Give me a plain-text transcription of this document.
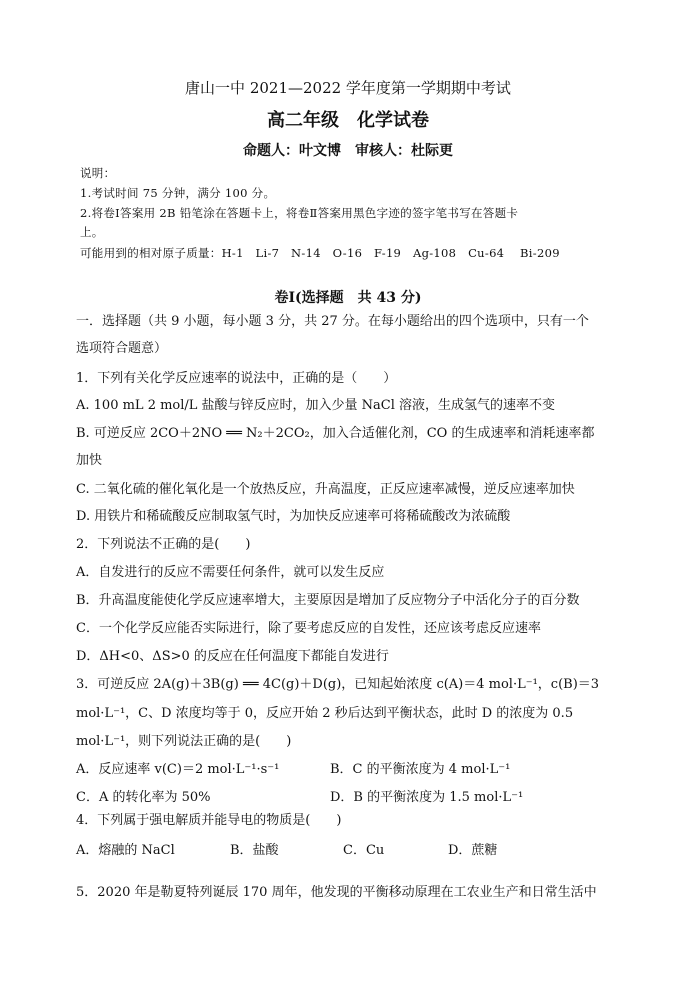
唐山一中 2021—2022 学年度第一学期期中考试
高二年级　化学试卷
命题人：叶文博　审核人：杜际更
说明：
1.考试时间 75 分钟，满分 100 分。
2.将卷Ⅰ答案用 2B 铅笔涂在答题卡上，将卷Ⅱ答案用黑色字迹的签字笔书写在答题卡
上。
可能用到的相对原子质量：H-1　Li-7　N-14　O-16　F-19　Ag-108　Cu-64　 Bi-209
卷Ⅰ(选择题　共 43 分)
一．选择题（共 9 小题，每小题 3 分，共 27 分。在每小题给出的四个选项中，只有一个
选项符合题意）
1．下列有关化学反应速率的说法中，正确的是（　　）
A. 100 mL 2 mol/L 盐酸与锌反应时，加入少量 NaCl 溶液，生成氢气的速率不变
B. 可逆反应 2CO＋2NO ══ N₂＋2CO₂，加入合适催化剂，CO 的生成速率和消耗速率都
加快
C. 二氧化硫的催化氧化是一个放热反应，升高温度，正反应速率减慢，逆反应速率加快
D. 用铁片和稀硫酸反应制取氢气时，为加快反应速率可将稀硫酸改为浓硫酸
2．下列说法不正确的是(　　)
A．自发进行的反应不需要任何条件，就可以发生反应
B．升高温度能使化学反应速率增大，主要原因是增加了反应物分子中活化分子的百分数
C．一个化学反应能否实际进行，除了要考虑反应的自发性，还应该考虑反应速率
D．ΔH<0、ΔS>0 的反应在任何温度下都能自发进行
3．可逆反应 2A(g)＋3B(g) ══ 4C(g)＋D(g)，已知起始浓度 c(A)＝4 mol·L⁻¹，c(B)＝3
mol·L⁻¹，C、D 浓度均等于 0，反应开始 2 秒后达到平衡状态，此时 D 的浓度为 0.5
mol·L⁻¹，则下列说法正确的是(　　)
A．反应速率 v(C)＝2 mol·L⁻¹·s⁻¹	B．C 的平衡浓度为 4 mol·L⁻¹
C．A 的转化率为 50%	D．B 的平衡浓度为 1.5 mol·L⁻¹
4．下列属于强电解质并能导电的物质是(　　)
A．熔融的 NaCl	B．盐酸	C．Cu	D．蔗糖
5．2020 年是勒夏特列诞辰 170 周年，他发现的平衡移动原理在工农业生产和日常生活中
